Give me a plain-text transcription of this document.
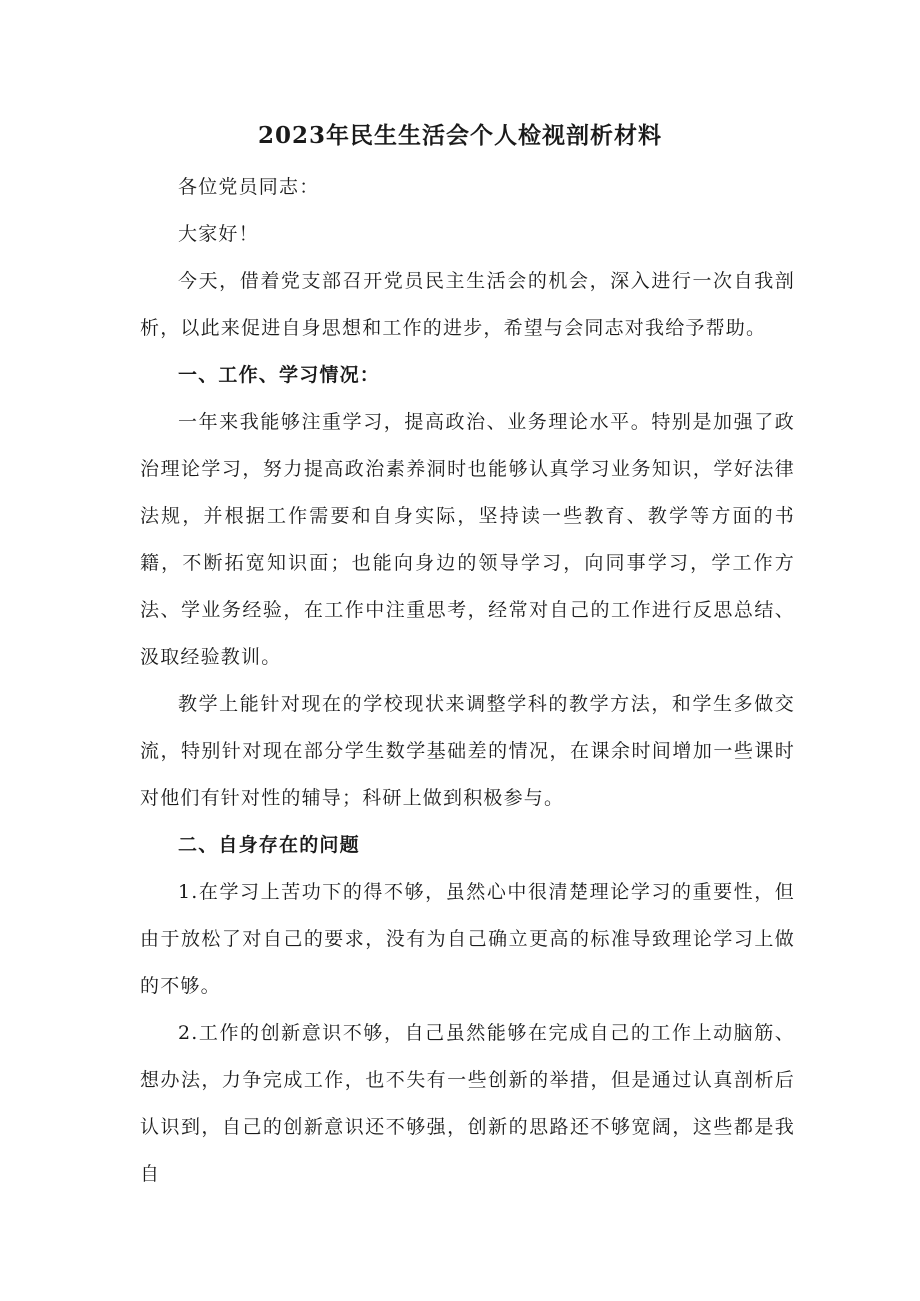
2023年民生生活会个人检视剖析材料

各位党员同志：

大家好！

今天，借着党支部召开党员民主生活会的机会，深入进行一次自我剖析，以此来促进自身思想和工作的进步，希望与会同志对我给予帮助。

一、工作、学习情况：

一年来我能够注重学习，提高政治、业务理论水平。特别是加强了政治理论学习，努力提高政治素养洞时也能够认真学习业务知识，学好法律法规，并根据工作需要和自身实际，坚持读一些教育、教学等方面的书籍，不断拓宽知识面；也能向身边的领导学习，向同事学习，学工作方法、学业务经验，在工作中注重思考，经常对自己的工作进行反思总结、汲取经验教训。

教学上能针对现在的学校现状来调整学科的教学方法，和学生多做交流，特别针对现在部分学生数学基础差的情况，在课余时间增加一些课时对他们有针对性的辅导；科研上做到积极参与。

二、自身存在的问题

1.在学习上苦功下的得不够，虽然心中很清楚理论学习的重要性，但由于放松了对自己的要求，没有为自己确立更高的标准导致理论学习上做的不够。

2.工作的创新意识不够，自己虽然能够在完成自己的工作上动脑筋、想办法，力争完成工作，也不失有一些创新的举措，但是通过认真剖析后认识到，自己的创新意识还不够强，创新的思路还不够宽阔，这些都是我自
